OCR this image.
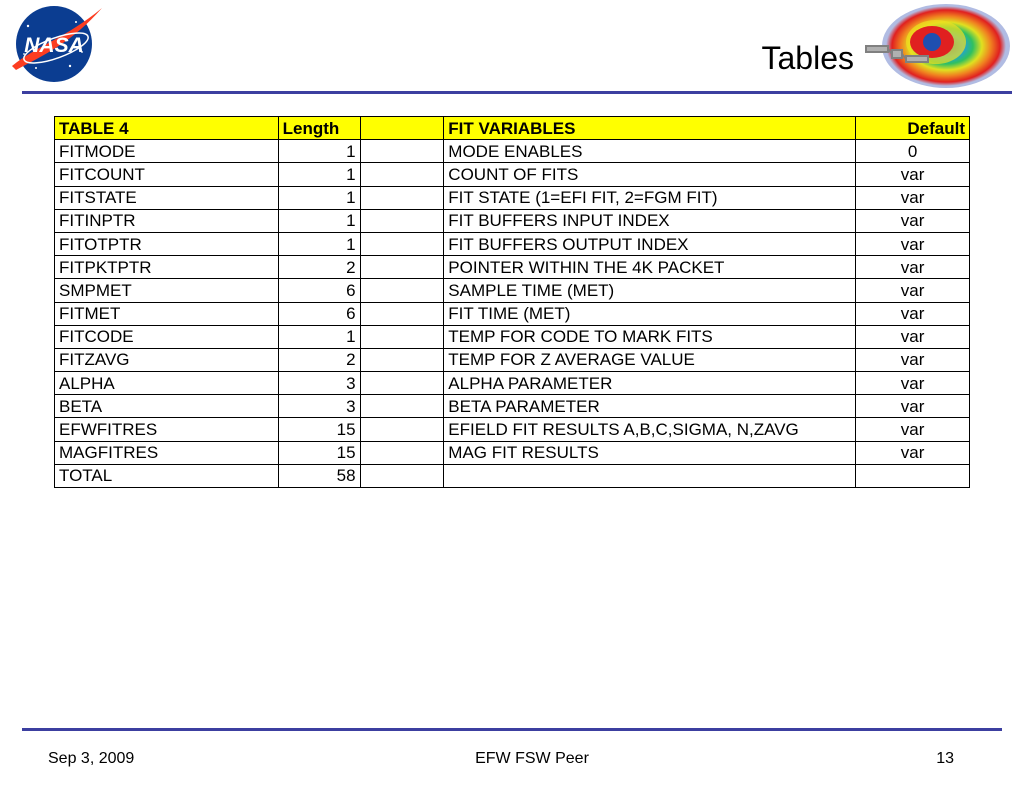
NASA	Tables
TABLE 4	Length		FIT VARIABLES	Default
FITMODE	1		MODE ENABLES	0
FITCOUNT	1		COUNT OF FITS	var
FITSTATE	1		FIT STATE (1=EFI FIT, 2=FGM FIT)	var
FITINPTR	1		FIT BUFFERS INPUT INDEX	var
FITOTPTR	1		FIT BUFFERS OUTPUT INDEX	var
FITPKTPTR	2		POINTER WITHIN THE 4K PACKET	var
SMPMET	6		SAMPLE TIME (MET)	var
FITMET	6		FIT TIME (MET)	var
FITCODE	1		TEMP FOR CODE TO MARK FITS	var
FITZAVG	2		TEMP FOR Z AVERAGE VALUE	var
ALPHA	3		ALPHA PARAMETER	var
BETA	3		BETA PARAMETER	var
EFWFITRES	15		EFIELD FIT RESULTS A,B,C,SIGMA, N,ZAVG	var
MAGFITRES	15		MAG FIT RESULTS	var
TOTAL	58			
Sep 3, 2009	EFW FSW Peer	13
